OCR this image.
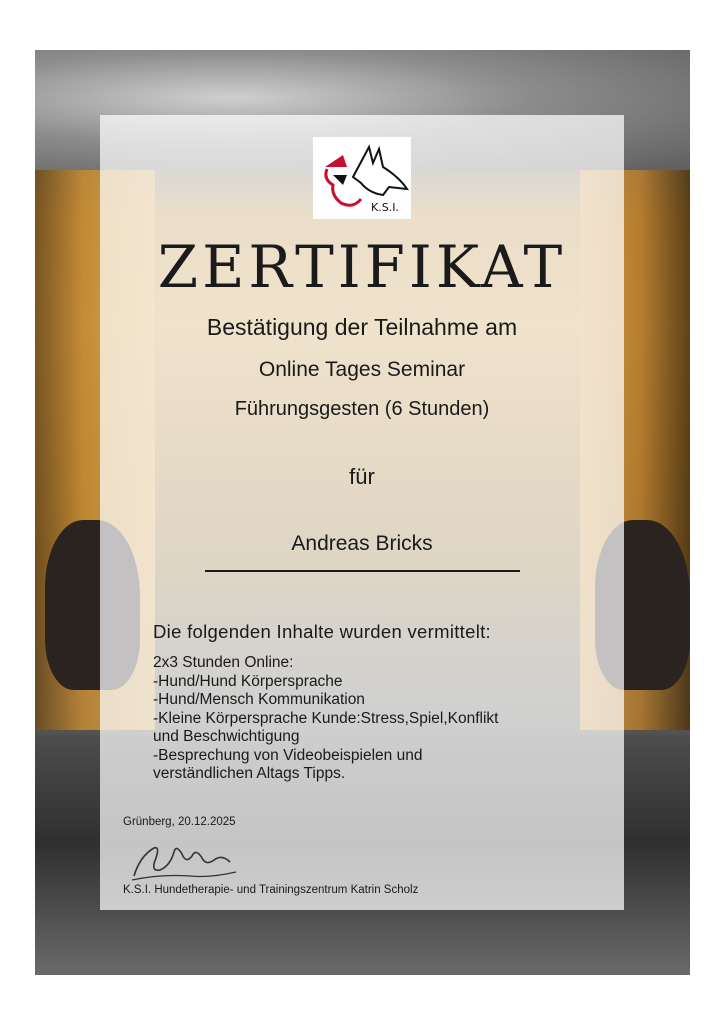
K.S.I.
ZERTIFIKAT
Bestätigung der Teilnahme am
Online Tages Seminar
Führungsgesten (6 Stunden)
für
Andreas Bricks
Die folgenden Inhalte wurden vermittelt:
2x3 Stunden Online:
-Hund/Hund Körpersprache
-Hund/Mensch Kommunikation
-Kleine Körpersprache Kunde:Stress,Spiel,Konflikt
und Beschwichtigung
-Besprechung von Videobeispielen und
verständlichen Altags Tipps.
Grünberg, 20.12.2025
K.S.I. Hundetherapie- und Trainingszentrum Katrin Scholz
